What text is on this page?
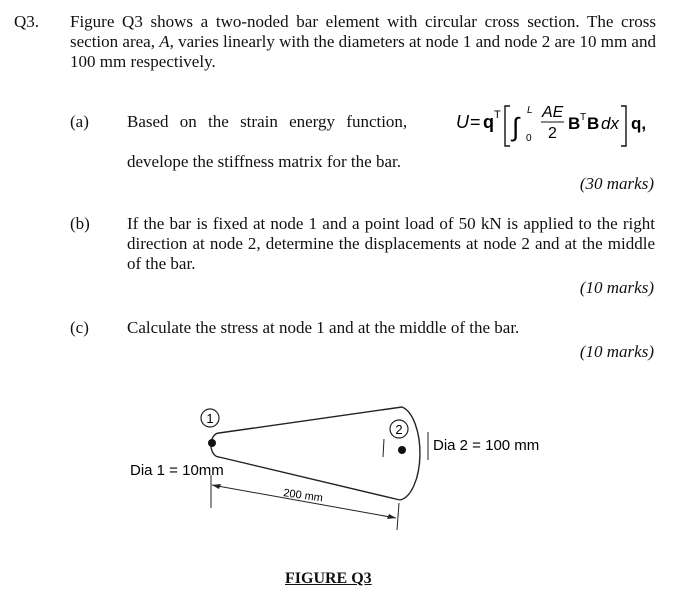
Q3. Figure Q3 shows a two-noded bar element with circular cross section. The cross section area, A, varies linearly with the diameters at node 1 and node 2 are 10 mm and 100 mm respectively.
(a) Based on the strain energy function,	U = q T ∫
L
0
AE
2
B T B dx q,
develope the stiffness matrix for the bar.
(30 marks)
(b) If the bar is fixed at node 1 and a point load of 50 kN is applied to the right direction at node 2, determine the displacements at node 2 and at the middle of the bar.
(10 marks)
(c) Calculate the stress at node 1 and at the middle of the bar.
(10 marks)
1
2
Dia 1 = 10mm
Dia 2 = 100 mm
200 mm
FIGURE Q3
